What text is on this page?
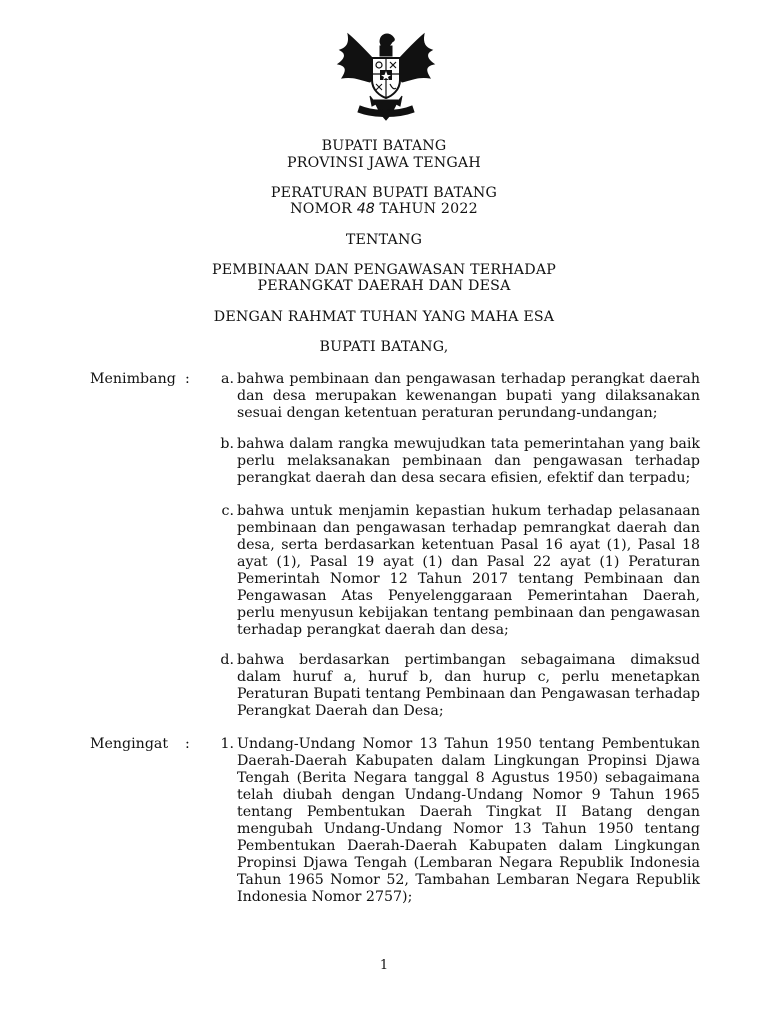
BUPATI BATANG
PROVINSI JAWA TENGAH
PERATURAN BUPATI BATANG
NOMOR 48 TAHUN 2022
TENTANG
PEMBINAAN DAN PENGAWASAN TERHADAP
PERANGKAT DAERAH DAN DESA
DENGAN RAHMAT TUHAN YANG MAHA ESA
BUPATI BATANG,
Menimbang :	a. bahwa pembinaan dan pengawasan terhadap perangkat daerah dan desa merupakan kewenangan bupati yang dilaksanakan sesuai dengan ketentuan peraturan perundang-undangan;
b. bahwa dalam rangka mewujudkan tata pemerintahan yang baik perlu melaksanakan pembinaan dan pengawasan terhadap perangkat daerah dan desa secara efisien, efektif dan terpadu;
c. bahwa untuk menjamin kepastian hukum terhadap pelasanaan pembinaan dan pengawasan terhadap pemrangkat daerah dan desa, serta berdasarkan ketentuan Pasal 16 ayat (1), Pasal 18 ayat (1), Pasal 19 ayat (1) dan Pasal 22 ayat (1) Peraturan Pemerintah Nomor 12 Tahun 2017 tentang Pembinaan dan Pengawasan Atas Penyelenggaraan Pemerintahan Daerah, perlu menyusun kebijakan tentang pembinaan dan pengawasan terhadap perangkat daerah dan desa;
d. bahwa berdasarkan pertimbangan sebagaimana dimaksud dalam huruf a, huruf b, dan hurup c, perlu menetapkan Peraturan Bupati tentang Pembinaan dan Pengawasan terhadap Perangkat Daerah dan Desa;
Mengingat :	1. Undang-Undang Nomor 13 Tahun 1950 tentang Pembentukan Daerah-Daerah Kabupaten dalam Lingkungan Propinsi Djawa Tengah (Berita Negara tanggal 8 Agustus 1950) sebagaimana telah diubah dengan Undang-Undang Nomor 9 Tahun 1965 tentang Pembentukan Daerah Tingkat II Batang dengan mengubah Undang-Undang Nomor 13 Tahun 1950 tentang Pembentukan Daerah-Daerah Kabupaten dalam Lingkungan Propinsi Djawa Tengah (Lembaran Negara Republik Indonesia Tahun 1965 Nomor 52, Tambahan Lembaran Negara Republik Indonesia Nomor 2757);
1
